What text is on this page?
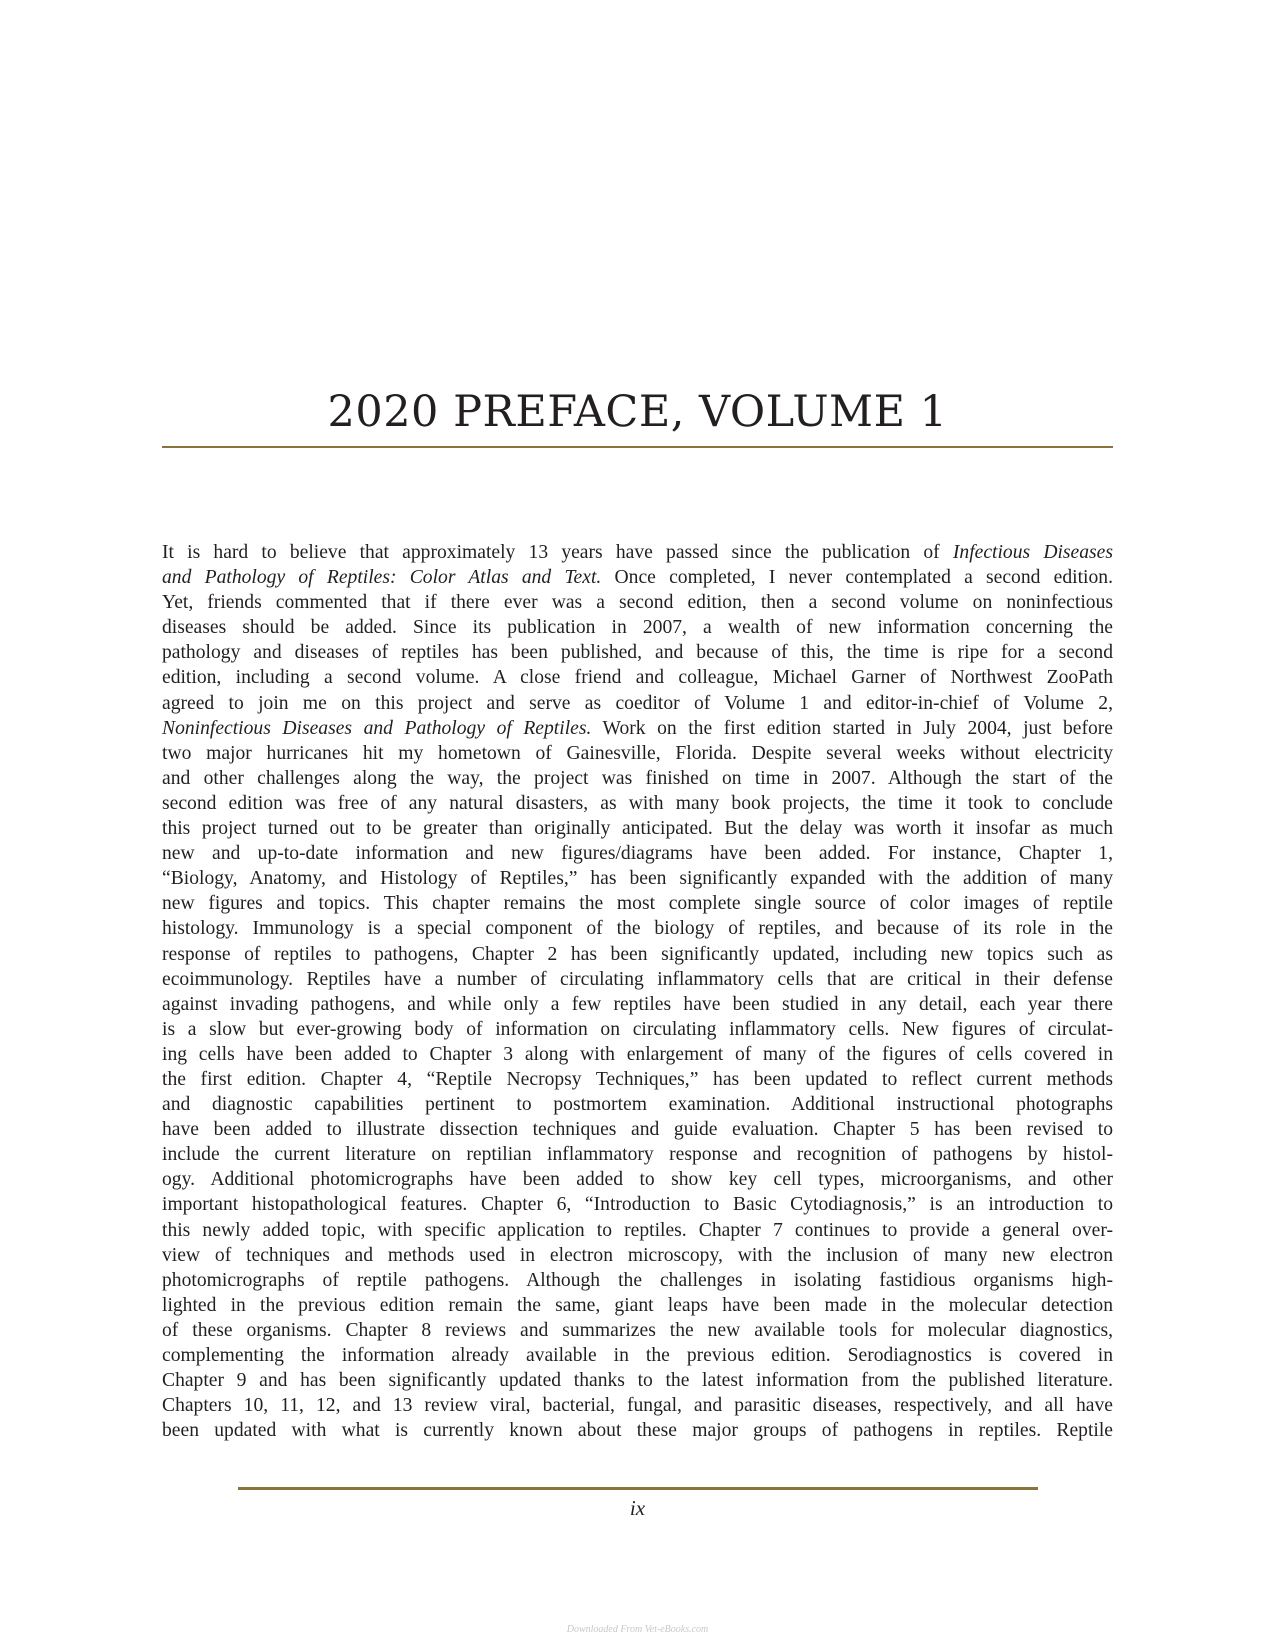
2020 PREFACE, VOLUME 1

It is hard to believe that approximately 13 years have passed since the publication of Infectious Diseases
and Pathology of Reptiles: Color Atlas and Text. Once completed, I never contemplated a second edition.
Yet, friends commented that if there ever was a second edition, then a second volume on noninfectious
diseases should be added. Since its publication in 2007, a wealth of new information concerning the
pathology and diseases of reptiles has been published, and because of this, the time is ripe for a second
edition, including a second volume. A close friend and colleague, Michael Garner of Northwest ZooPath
agreed to join me on this project and serve as coeditor of Volume 1 and editor-in-chief of Volume 2,
Noninfectious Diseases and Pathology of Reptiles. Work on the first edition started in July 2004, just before
two major hurricanes hit my hometown of Gainesville, Florida. Despite several weeks without electricity
and other challenges along the way, the project was finished on time in 2007. Although the start of the
second edition was free of any natural disasters, as with many book projects, the time it took to conclude
this project turned out to be greater than originally anticipated. But the delay was worth it insofar as much
new and up-to-date information and new figures/diagrams have been added. For instance, Chapter 1,
“Biology, Anatomy, and Histology of Reptiles,” has been significantly expanded with the addition of many
new figures and topics. This chapter remains the most complete single source of color images of reptile
histology. Immunology is a special component of the biology of reptiles, and because of its role in the
response of reptiles to pathogens, Chapter 2 has been significantly updated, including new topics such as
ecoimmunology. Reptiles have a number of circulating inflammatory cells that are critical in their defense
against invading pathogens, and while only a few reptiles have been studied in any detail, each year there
is a slow but ever-growing body of information on circulating inflammatory cells. New figures of circulat-
ing cells have been added to Chapter 3 along with enlargement of many of the figures of cells covered in
the first edition. Chapter 4, “Reptile Necropsy Techniques,” has been updated to reflect current methods
and diagnostic capabilities pertinent to postmortem examination. Additional instructional photographs
have been added to illustrate dissection techniques and guide evaluation. Chapter 5 has been revised to
include the current literature on reptilian inflammatory response and recognition of pathogens by histol-
ogy. Additional photomicrographs have been added to show key cell types, microorganisms, and other
important histopathological features. Chapter 6, “Introduction to Basic Cytodiagnosis,” is an introduction to
this newly added topic, with specific application to reptiles. Chapter 7 continues to provide a general over-
view of techniques and methods used in electron microscopy, with the inclusion of many new electron
photomicrographs of reptile pathogens. Although the challenges in isolating fastidious organisms high-
lighted in the previous edition remain the same, giant leaps have been made in the molecular detection
of these organisms. Chapter 8 reviews and summarizes the new available tools for molecular diagnostics,
complementing the information already available in the previous edition. Serodiagnostics is covered in
Chapter 9 and has been significantly updated thanks to the latest information from the published literature.
Chapters 10, 11, 12, and 13 review viral, bacterial, fungal, and parasitic diseases, respectively, and all have
been updated with what is currently known about these major groups of pathogens in reptiles. Reptile

ix
Downloaded From Vet-eBooks.com
